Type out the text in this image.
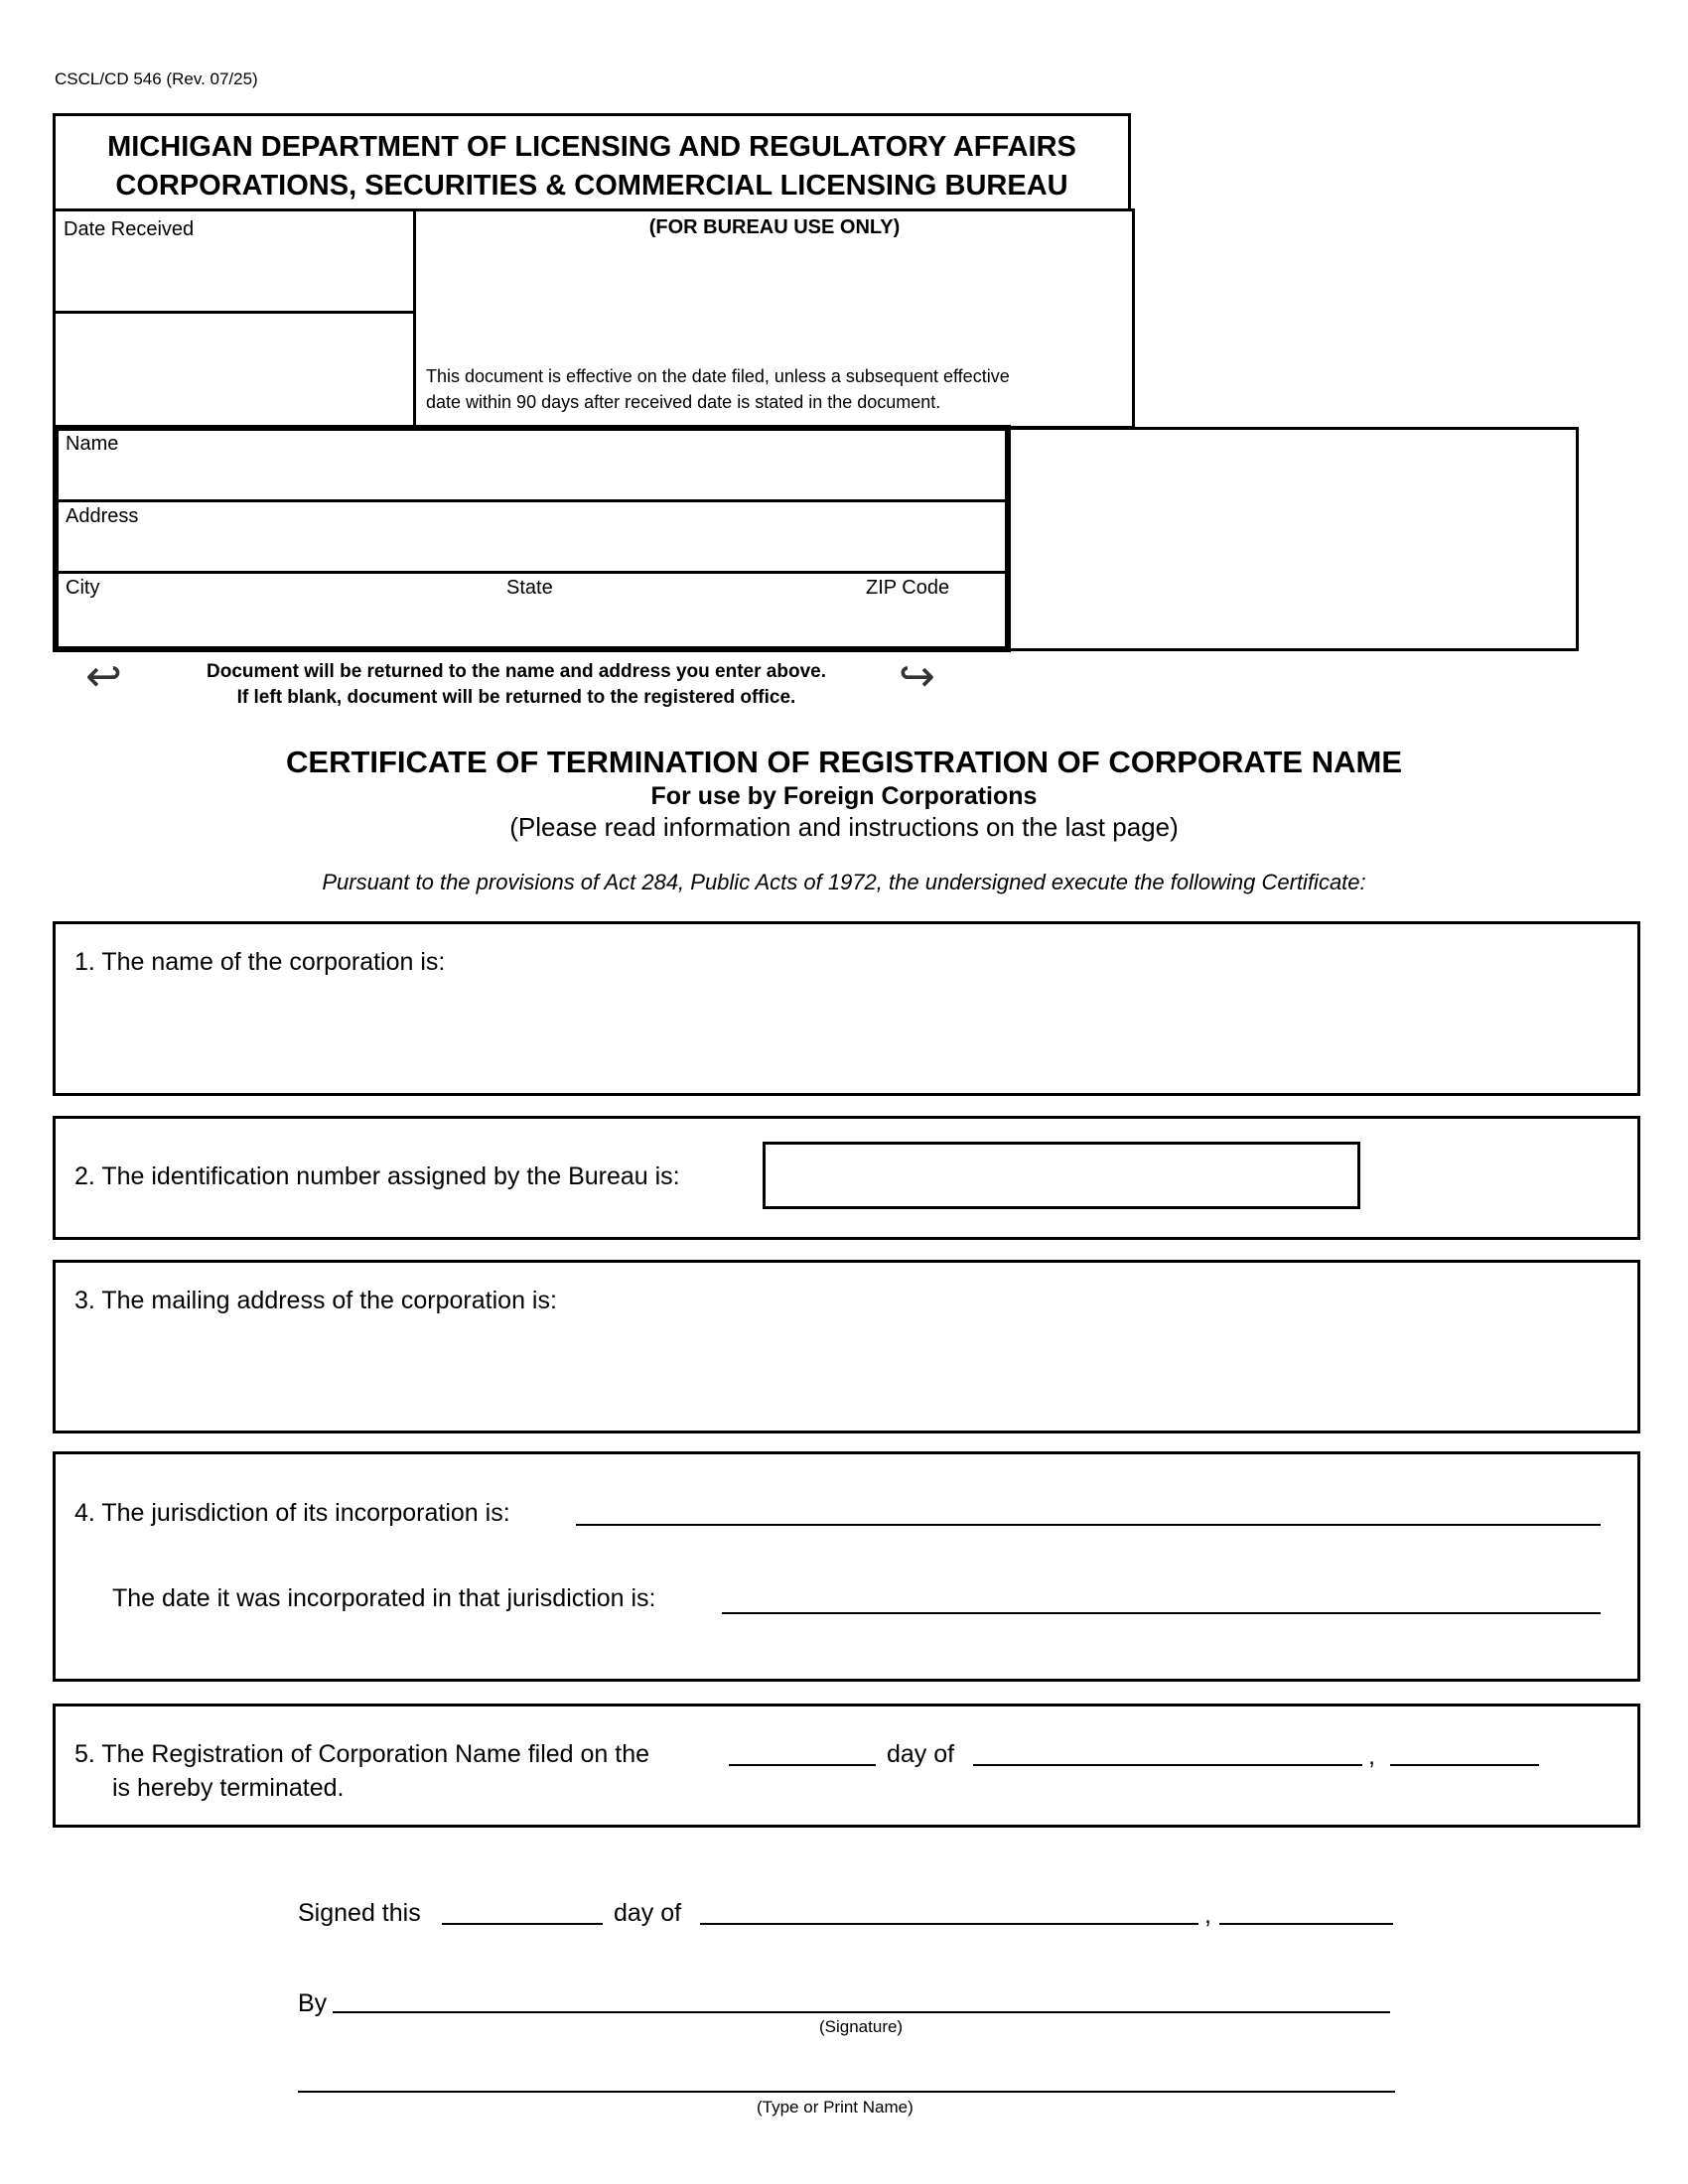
CSCL/CD 546 (Rev. 07/25)
MICHIGAN DEPARTMENT OF LICENSING AND REGULATORY AFFAIRS
CORPORATIONS, SECURITIES & COMMERCIAL LICENSING BUREAU
Date Received	(FOR BUREAU USE ONLY)
This document is effective on the date filed, unless a subsequent effective
date within 90 days after received date is stated in the document.
Name
Address
City	State	ZIP Code
↩	↪
Document will be returned to the name and address you enter above.
If left blank, document will be returned to the registered office.
CERTIFICATE OF TERMINATION OF REGISTRATION OF CORPORATE NAME
For use by Foreign Corporations
(Please read information and instructions on the last page)
Pursuant to the provisions of Act 284, Public Acts of 1972, the undersigned execute the following Certificate:
1. The name of the corporation is:
2. The identification number assigned by the Bureau is:
3. The mailing address of the corporation is:
4. The jurisdiction of its incorporation is:
The date it was incorporated in that jurisdiction is:
5. The Registration of Corporation Name filed on the	day of	,
is hereby terminated.
Signed this	day of	,
By
(Signature)
(Type or Print Name)
